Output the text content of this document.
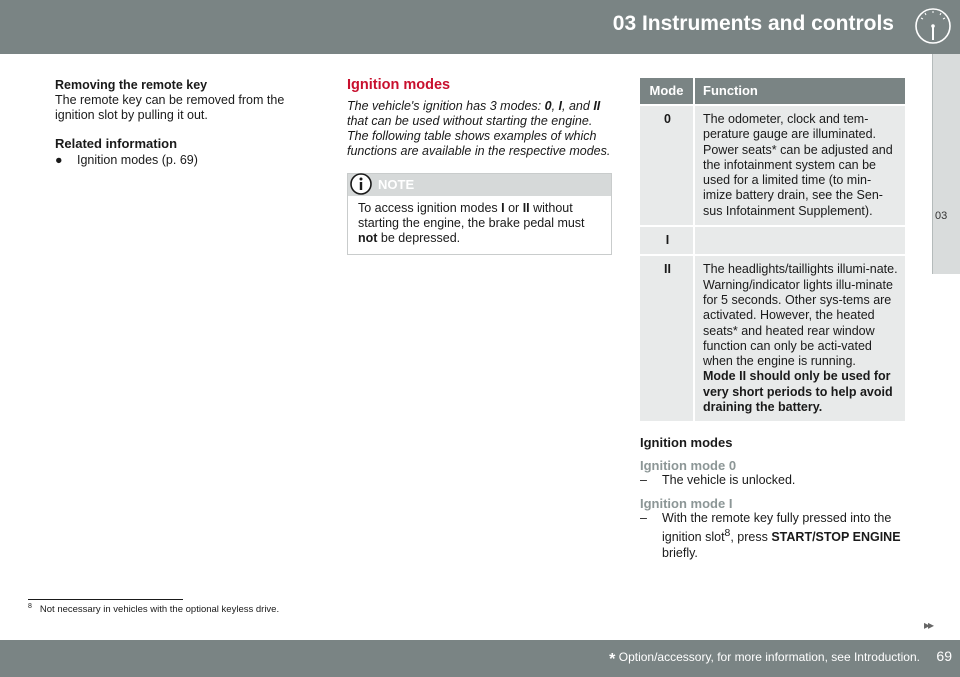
03 Instruments and controls
03
Removing the remote key

The remote key can be removed from the ignition slot by pulling it out.

Related information
●	Ignition modes (p. 69)
Ignition modes

The vehicle's ignition has 3 modes: 0, I, and II that can be used without starting the engine. The following table shows examples of which functions are available in the respective modes.

NOTE
To access ignition modes I or II without starting the engine, the brake pedal must not be depressed.
Mode	Function
0	The odometer, clock and tem-perature gauge are illuminated. Power seats* can be adjusted and the infotainment system can be used for a limited time (to min-imize battery drain, see the Sen-sus Infotainment Supplement).
I	
II	The headlights/taillights illumi-nate. Warning/indicator lights illu-minate for 5 seconds. Other sys-tems are activated. However, the heated seats* and heated rear window function can only be acti-vated when the engine is running.
Mode II should only be used for very short periods to help avoid draining the battery.
Ignition modes
Ignition mode 0
–	The vehicle is unlocked.
Ignition mode I
–	With the remote key fully pressed into the ignition slot$^8$, press START/STOP ENGINE briefly.
$^8$ Not necessary in vehicles with the optional keyless drive.
▸▸
* Option/accessory, for more information, see Introduction. 69
